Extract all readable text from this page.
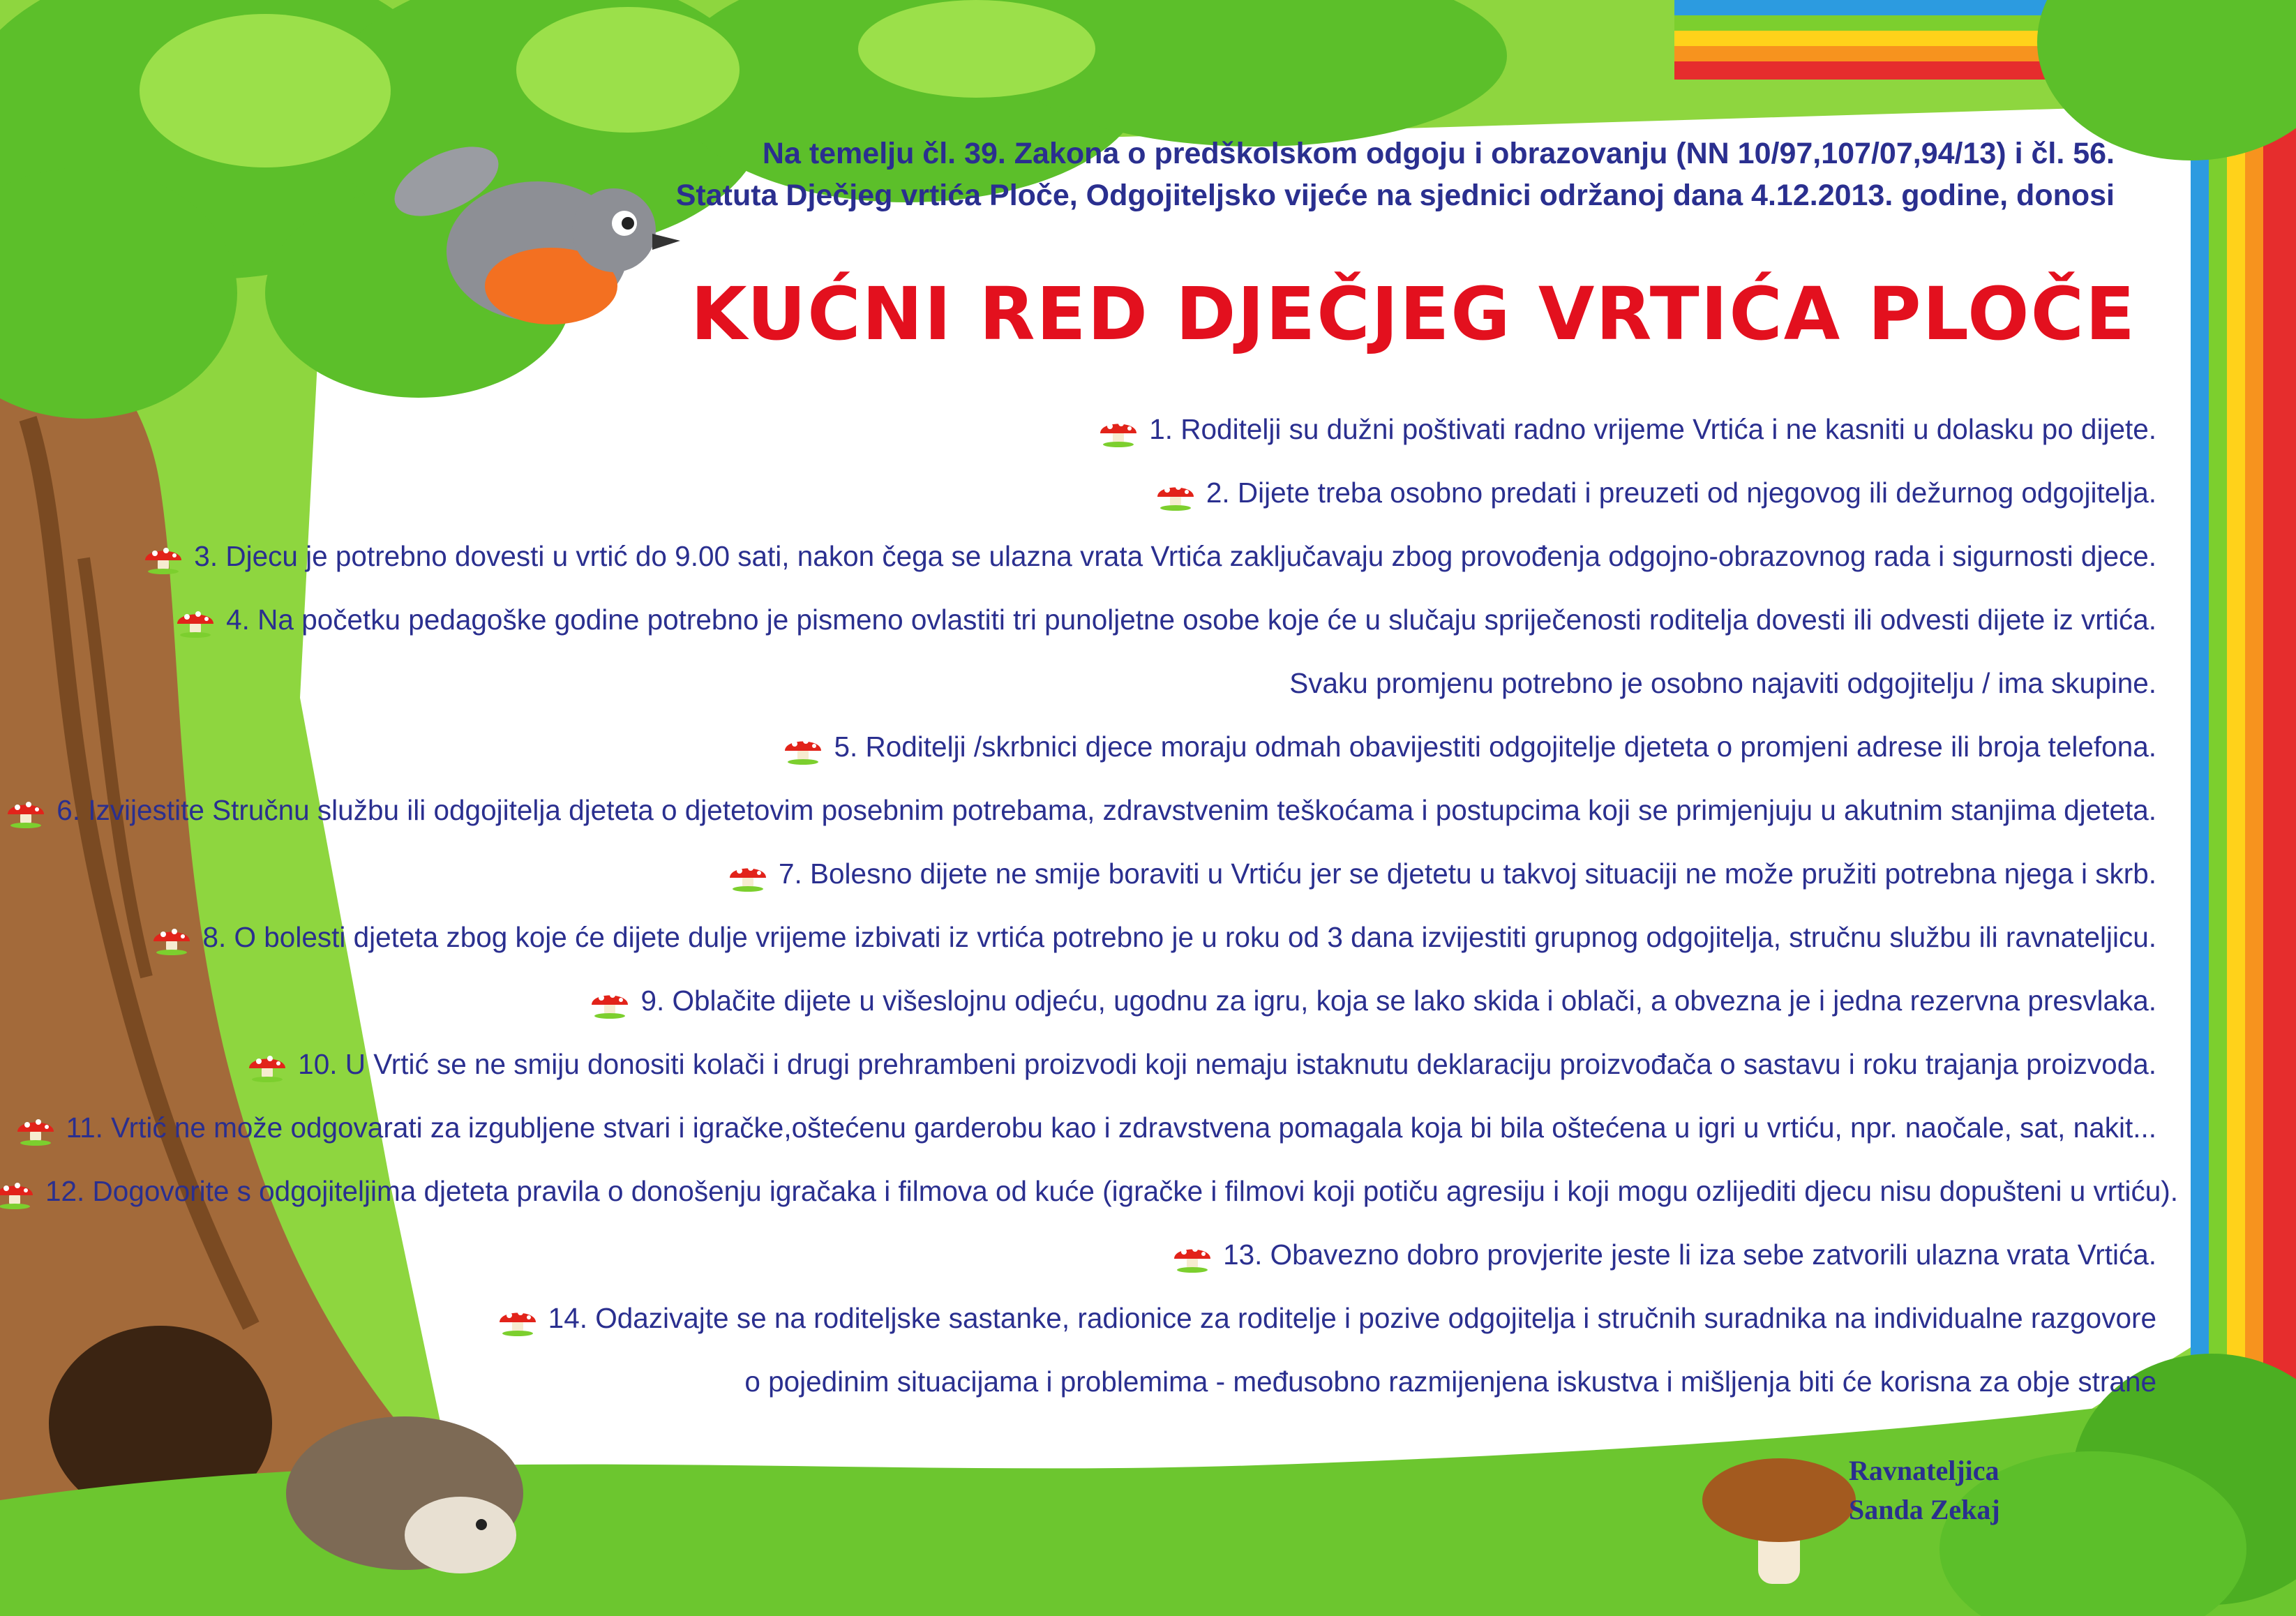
Na temelju čl. 39. Zakona o predškolskom odgoju i obrazovanju (NN 10/97,107/07,94/13) i čl. 56.
Statuta Dječjeg vrtića Ploče, Odgojiteljsko vijeće na sjednici održanoj dana 4.12.2013. godine, donosi
KUĆNI RED DJEČJEG VRTIĆA PLOČE
1. Roditelji su dužni poštivati radno vrijeme Vrtića i ne kasniti u dolasku po dijete.
2. Dijete treba osobno predati i preuzeti od njegovog ili dežurnog odgojitelja.
3. Djecu je potrebno dovesti u vrtić do 9.00 sati, nakon čega se ulazna vrata Vrtića zaključavaju zbog provođenja odgojno-obrazovnog rada i sigurnosti djece.
4. Na početku pedagoške godine potrebno je pismeno ovlastiti tri punoljetne osobe koje će u slučaju spriječenosti roditelja dovesti ili odvesti dijete iz vrtića.
Svaku promjenu potrebno je osobno najaviti odgojitelju / ima skupine.
5. Roditelji /skrbnici djece moraju odmah obavijestiti odgojitelje djeteta o promjeni adrese ili broja telefona.
6. Izvijestite Stručnu službu ili odgojitelja djeteta o djetetovim posebnim potrebama, zdravstvenim teškoćama i postupcima koji se primjenjuju u akutnim stanjima djeteta.
7. Bolesno dijete ne smije boraviti u Vrtiću jer se djetetu u takvoj situaciji ne može pružiti potrebna njega i skrb.
8. O bolesti djeteta zbog koje će dijete dulje vrijeme izbivati iz vrtića potrebno je u roku od 3 dana izvijestiti grupnog odgojitelja, stručnu službu ili ravnateljicu.
9. Oblačite dijete u višeslojnu odjeću, ugodnu za igru, koja se lako skida i oblači, a obvezna je i jedna rezervna presvlaka.
10. U Vrtić se ne smiju donositi kolači i drugi prehrambeni proizvodi koji nemaju istaknutu deklaraciju proizvođača o sastavu i roku trajanja proizvoda.
11. Vrtić ne može odgovarati za izgubljene stvari i igračke,oštećenu garderobu kao i zdravstvena pomagala koja bi bila oštećena u igri u vrtiću, npr. naočale, sat, nakit...
12. Dogovorite s odgojiteljima djeteta pravila o donošenju igračaka i filmova od kuće (igračke i filmovi koji potiču agresiju i koji mogu ozlijediti djecu nisu dopušteni u vrtiću).
13. Obavezno dobro provjerite jeste li iza sebe zatvorili ulazna vrata Vrtića.
14. Odazivajte se na roditeljske sastanke, radionice za roditelje i pozive odgojitelja i stručnih suradnika na individualne razgovore
o pojedinim situacijama i problemima - međusobno razmijenjena iskustva i mišljenja biti će korisna za obje strane
Ravnateljica
Sanda Zekaj
